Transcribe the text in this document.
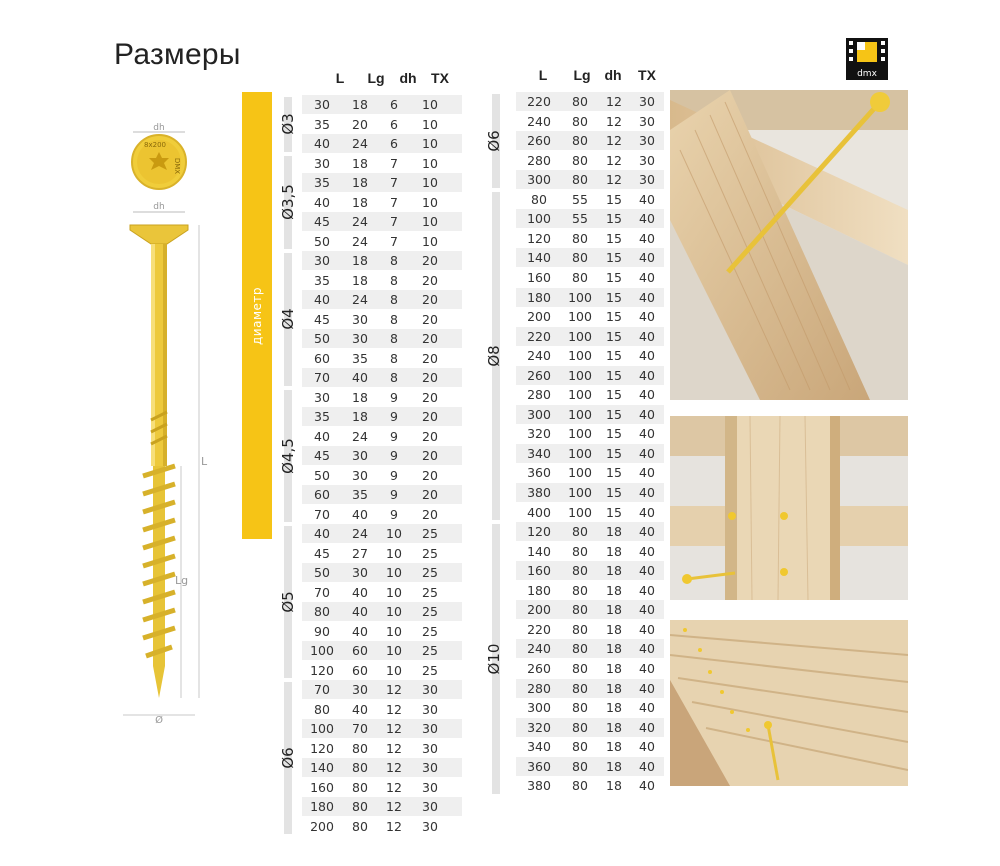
Размеры
dmx
dh
8x200
DMX
dh
L
Lg
Ø
диаметр
L	Lg	dh	TX	L	Lg dh	TX
30	18	6	10
35	20	6	10
40	24	6	10
Ø3
30	18	7	10
35	18	7	10
40	18	7	10
45	24	7	10
50	24	7	10
Ø3,5
30	18	8	20
35	18	8	20
40	24	8	20
45	30	8	20
50	30	8	20
60	35	8	20
70	40	8	20
Ø4
30	18	9	20
35	18	9	20
40	24	9	20
45	30	9	20
50	30	9	20
60	35	9	20
70	40	9	20
Ø4,5
40	24	10	25
45	27	10	25
50	30	10	25
70	40	10	25
80	40	10	25
90	40	10	25
100	60	10	25
120	60	10	25
Ø5
70	30	12	30
80	40	12	30
100	70	12	30
120	80	12	30
140	80	12	30
160	80	12	30
180	80	12	30
200	80	12	30
Ø6
220	80	12	30
240	80	12	30
260	80	12	30
280	80	12	30
300	80	12	30
Ø6
80	55	15	40
100	55	15	40
120	80	15	40
140	80	15	40
160	80	15	40
180	100	15	40
200	100	15	40
220	100	15	40
240	100	15	40
260	100	15	40
280	100	15	40
300	100	15	40
320	100	15	40
340	100	15	40
360	100	15	40
380	100	15	40
400	100	15	40
Ø8
120	80	18	40
140	80	18	40
160	80	18	40
180	80	18	40
200	80	18	40
220	80	18	40
240	80	18	40
260	80	18	40
280	80	18	40
300	80	18	40
320	80	18	40
340	80	18	40
360	80	18	40
380	80	18	40
Ø10
